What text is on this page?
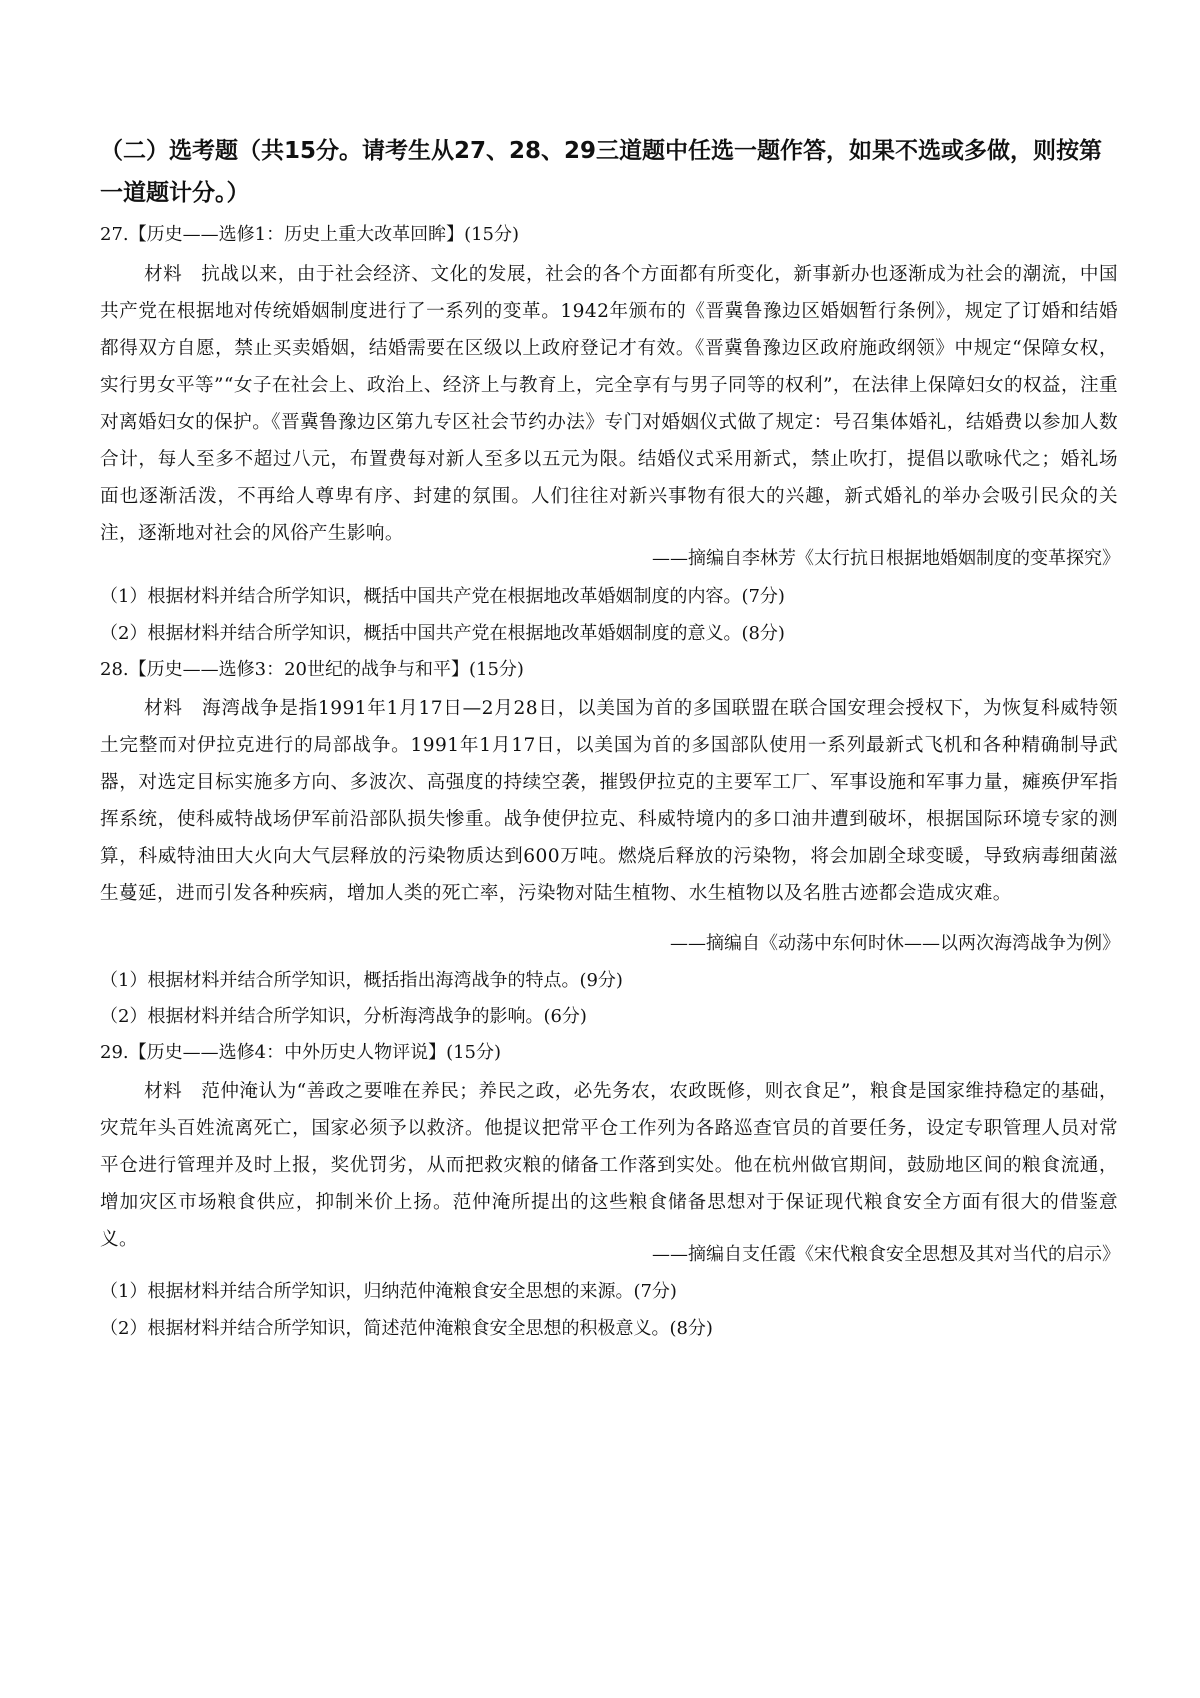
（二）选考题（共15分。请考生从27、28、29三道题中任选一题作答，如果不选或多做，则按第一道题计分。）
27.【历史——选修1：历史上重大改革回眸】(15分)
材料　抗战以来，由于社会经济、文化的发展，社会的各个方面都有所变化，新事新办也逐渐成为社会的潮流，中国共产党在根据地对传统婚姻制度进行了一系列的变革。1942年颁布的《晋冀鲁豫边区婚姻暂行条例》，规定了订婚和结婚都得双方自愿，禁止买卖婚姻，结婚需要在区级以上政府登记才有效。《晋冀鲁豫边区政府施政纲领》中规定“保障女权，实行男女平等”“女子在社会上、政治上、经济上与教育上，完全享有与男子同等的权利”，在法律上保障妇女的权益，注重对离婚妇女的保护。《晋冀鲁豫边区第九专区社会节约办法》专门对婚姻仪式做了规定：号召集体婚礼，结婚费以参加人数合计，每人至多不超过八元，布置费每对新人至多以五元为限。结婚仪式采用新式，禁止吹打，提倡以歌咏代之；婚礼场面也逐渐活泼，不再给人尊卑有序、封建的氛围。人们往往对新兴事物有很大的兴趣，新式婚礼的举办会吸引民众的关注，逐渐地对社会的风俗产生影响。
——摘编自李林芳《太行抗日根据地婚姻制度的变革探究》
（1）根据材料并结合所学知识，概括中国共产党在根据地改革婚姻制度的内容。(7分)
（2）根据材料并结合所学知识，概括中国共产党在根据地改革婚姻制度的意义。(8分)
28.【历史——选修3：20世纪的战争与和平】(15分)
材料　海湾战争是指1991年1月17日—2月28日，以美国为首的多国联盟在联合国安理会授权下，为恢复科威特领土完整而对伊拉克进行的局部战争。1991年1月17日，以美国为首的多国部队使用一系列最新式飞机和各种精确制导武器，对选定目标实施多方向、多波次、高强度的持续空袭，摧毁伊拉克的主要军工厂、军事设施和军事力量，瘫痪伊军指挥系统，使科威特战场伊军前沿部队损失惨重。战争使伊拉克、科威特境内的多口油井遭到破坏，根据国际环境专家的测算，科威特油田大火向大气层释放的污染物质达到600万吨。燃烧后释放的污染物，将会加剧全球变暖，导致病毒细菌滋生蔓延，进而引发各种疾病，增加人类的死亡率，污染物对陆生植物、水生植物以及名胜古迹都会造成灾难。
——摘编自《动荡中东何时休——以两次海湾战争为例》
（1）根据材料并结合所学知识，概括指出海湾战争的特点。(9分)
（2）根据材料并结合所学知识，分析海湾战争的影响。(6分)
29.【历史——选修4：中外历史人物评说】(15分)
材料　范仲淹认为“善政之要唯在养民；养民之政，必先务农，农政既修，则衣食足”，粮食是国家维持稳定的基础，灾荒年头百姓流离死亡，国家必须予以救济。他提议把常平仓工作列为各路巡查官员的首要任务，设定专职管理人员对常平仓进行管理并及时上报，奖优罚劣，从而把救灾粮的储备工作落到实处。他在杭州做官期间，鼓励地区间的粮食流通，增加灾区市场粮食供应，抑制米价上扬。范仲淹所提出的这些粮食储备思想对于保证现代粮食安全方面有很大的借鉴意义。
——摘编自支任霞《宋代粮食安全思想及其对当代的启示》
（1）根据材料并结合所学知识，归纳范仲淹粮食安全思想的来源。(7分)
（2）根据材料并结合所学知识，简述范仲淹粮食安全思想的积极意义。(8分)
